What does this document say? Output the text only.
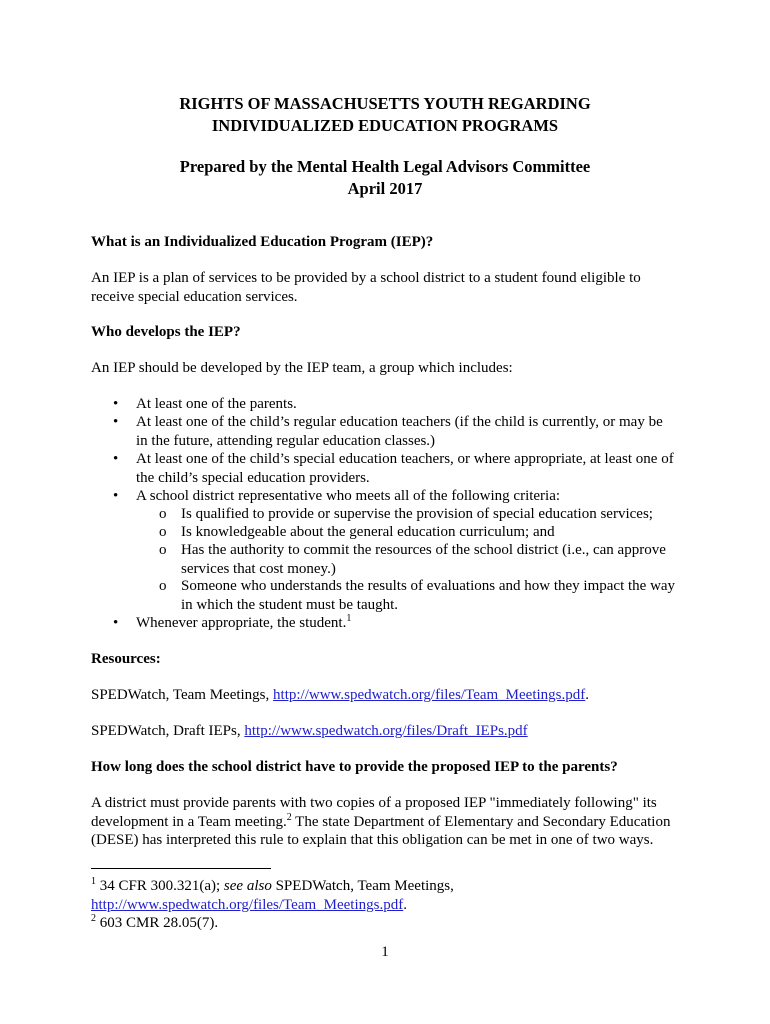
RIGHTS OF MASSACHUSETTS YOUTH REGARDING
INDIVIDUALIZED EDUCATION PROGRAMS
Prepared by the Mental Health Legal Advisors Committee
April 2017
What is an Individualized Education Program (IEP)?
An IEP is a plan of services to be provided by a school district to a student found eligible to
receive special education services.
Who develops the IEP?
An IEP should be developed by the IEP team, a group which includes:
• At least one of the parents.
• At least one of the child’s regular education teachers (if the child is currently, or may be
in the future, attending regular education classes.)
• At least one of the child’s special education teachers, or where appropriate, at least one of
the child’s special education providers.
• A school district representative who meets all of the following criteria:
o Is qualified to provide or supervise the provision of special education services;
o Is knowledgeable about the general education curriculum; and
o Has the authority to commit the resources of the school district (i.e., can approve
services that cost money.)
o Someone who understands the results of evaluations and how they impact the way
in which the student must be taught.
• Whenever appropriate, the student.$^1$
Resources:
SPEDWatch, Team Meetings, http://www.spedwatch.org/files/Team_Meetings.pdf.
SPEDWatch, Draft IEPs, http://www.spedwatch.org/files/Draft_IEPs.pdf
How long does the school district have to provide the proposed IEP to the parents?
A district must provide parents with two copies of a proposed IEP "immediately following" its
development in a Team meeting.$^2$ The state Department of Elementary and Secondary Education
(DESE) has interpreted this rule to explain that this obligation can be met in one of two ways.
$^1$ 34 CFR 300.321(a); see also SPEDWatch, Team Meetings,
http://www.spedwatch.org/files/Team_Meetings.pdf.
$^2$ 603 CMR 28.05(7).
1
